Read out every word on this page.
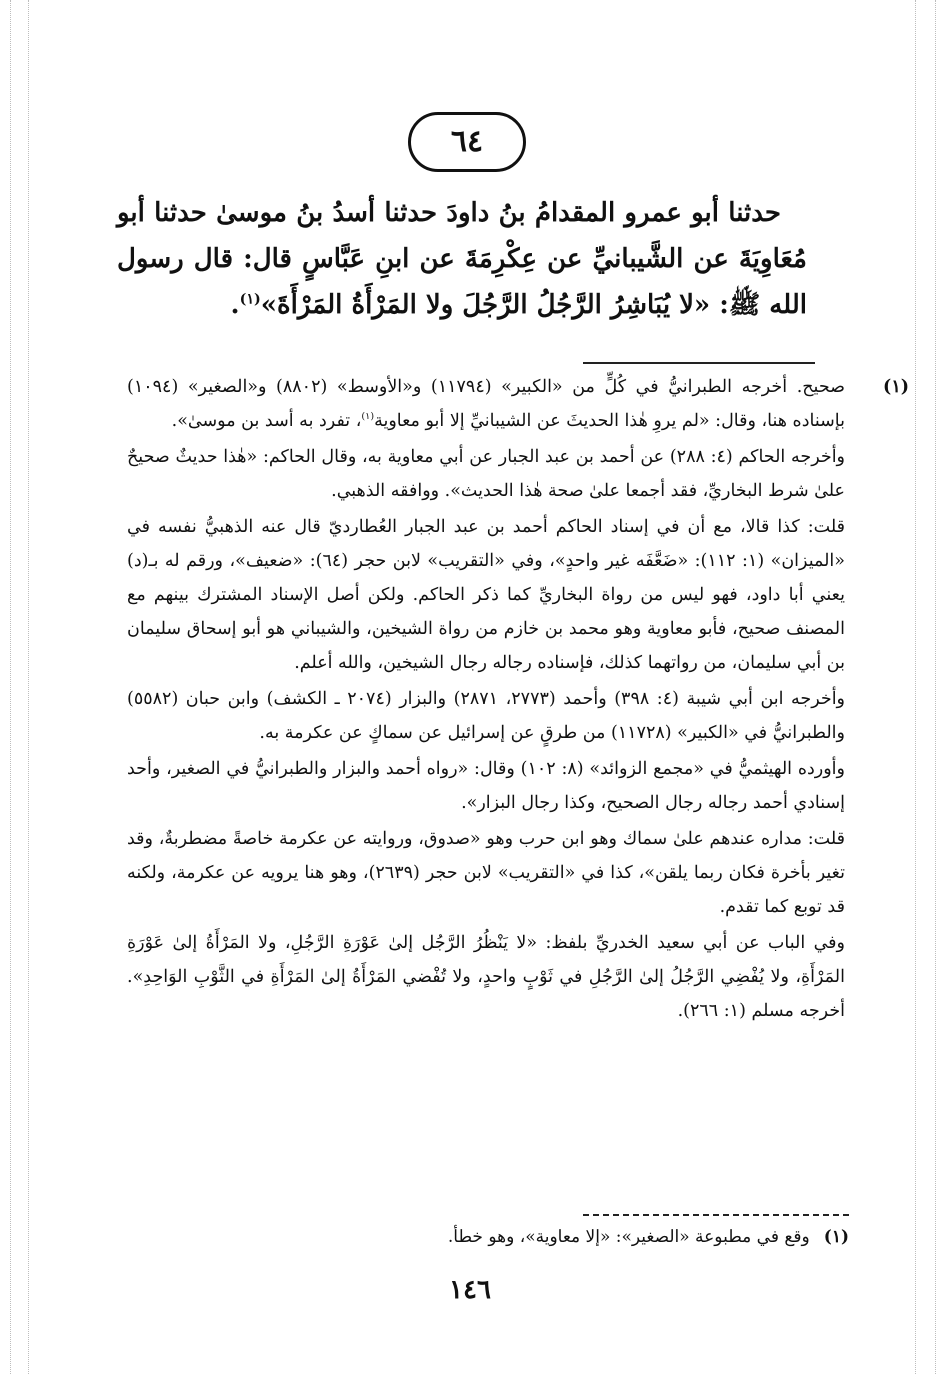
٦٤

حدثنا أبو عمرو المقدامُ بنُ داودَ حدثنا أسدُ بنُ موسىٰ حدثنا أبو مُعَاوِيَةَ عن الشَّيبانيِّ عن عِكْرِمَةَ عن ابنِ عَبَّاسٍ قال: قال رسول الله ﷺ: «لا يُبَاشِرُ الرَّجُلُ الرَّجُلَ ولا المَرْأَةُ المَرْأَةَ»$^{(١)}$.

(١)

صحيح. أخرجه الطبرانيُّ في كُلٍّ من «الكبير» (١١٧٩٤) و«الأوسط» (٨٨٠٢) و«الصغير» (١٠٩٤) بإسناده هنا، وقال: «لم يروِ هٰذا الحديثَ عن الشيبانيِّ إلا أبو معاوية$^{(١)}$، تفرد به أسد بن موسىٰ».

وأخرجه الحاكم (٤: ٢٨٨) عن أحمد بن عبد الجبار عن أبي معاوية به، وقال الحاكم: «هٰذا حديثٌ صحيحٌ علىٰ شرط البخاريِّ، فقد أجمعا علىٰ صحة هٰذا الحديث». ووافقه الذهبي.

قلت: كذا قالا، مع أن في إسناد الحاكم أحمد بن عبد الجبار العُطارديّ قال عنه الذهبيُّ نفسه في «الميزان» (١: ١١٢): «ضَعَّفَه غير واحدٍ»، وفي «التقريب» لابن حجر (٦٤): «ضعيف»، ورقم له بـ(د) يعني أبا داود، فهو ليس من رواة البخاريِّ كما ذكر الحاكم. ولكن أصل الإسناد المشترك بينهم مع المصنف صحيح، فأبو معاوية وهو محمد بن خازم من رواة الشيخين، والشيباني هو أبو إسحاق سليمان بن أبي سليمان، من رواتهما كذلك، فإسناده رجاله رجال الشيخين، والله أعلم.

وأخرجه ابن أبي شيبة (٤: ٣٩٨) وأحمد (٢٧٧٣، ٢٨٧١) والبزار (٢٠٧٤ ـ الكشف) وابن حبان (٥٥٨٢) والطبرانيُّ في «الكبير» (١١٧٢٨) من طرقٍ عن إسرائيل عن سماكٍ عن عكرمة به.

وأورده الهيثميُّ في «مجمع الزوائد» (٨: ١٠٢) وقال: «رواه أحمد والبزار والطبرانيُّ في الصغير، وأحد إسنادي أحمد رجاله رجال الصحيح، وكذا رجال البزار».

قلت: مداره عندهم علىٰ سماك وهو ابن حرب وهو «صدوق، وروايته عن عكرمة خاصةً مضطربةٌ، وقد تغير بأخرة فكان ربما يلقن»، كذا في «التقريب» لابن حجر (٢٦٣٩)، وهو هنا يرويه عن عكرمة، ولكنه قد توبع كما تقدم.

وفي الباب عن أبي سعيد الخدريِّ بلفظ: «لا يَنْظُرُ الرَّجُل إلىٰ عَوْرَةِ الرَّجُلِ، ولا المَرْأَةُ إلىٰ عَوْرَةِ المَرْأَةِ، ولا يُفْضِي الرَّجُلُ إلىٰ الرَّجُلِ في ثَوْبٍ واحدٍ، ولا تُفْضي المَرْأَةُ إلىٰ المَرْأَةِ في الثَّوْبِ الوَاحِدِ». أخرجه مسلم (١: ٢٦٦).

(١)وقع في مطبوعة «الصغير»: «إلا معاوية»، وهو خطأ.
١٤٦
